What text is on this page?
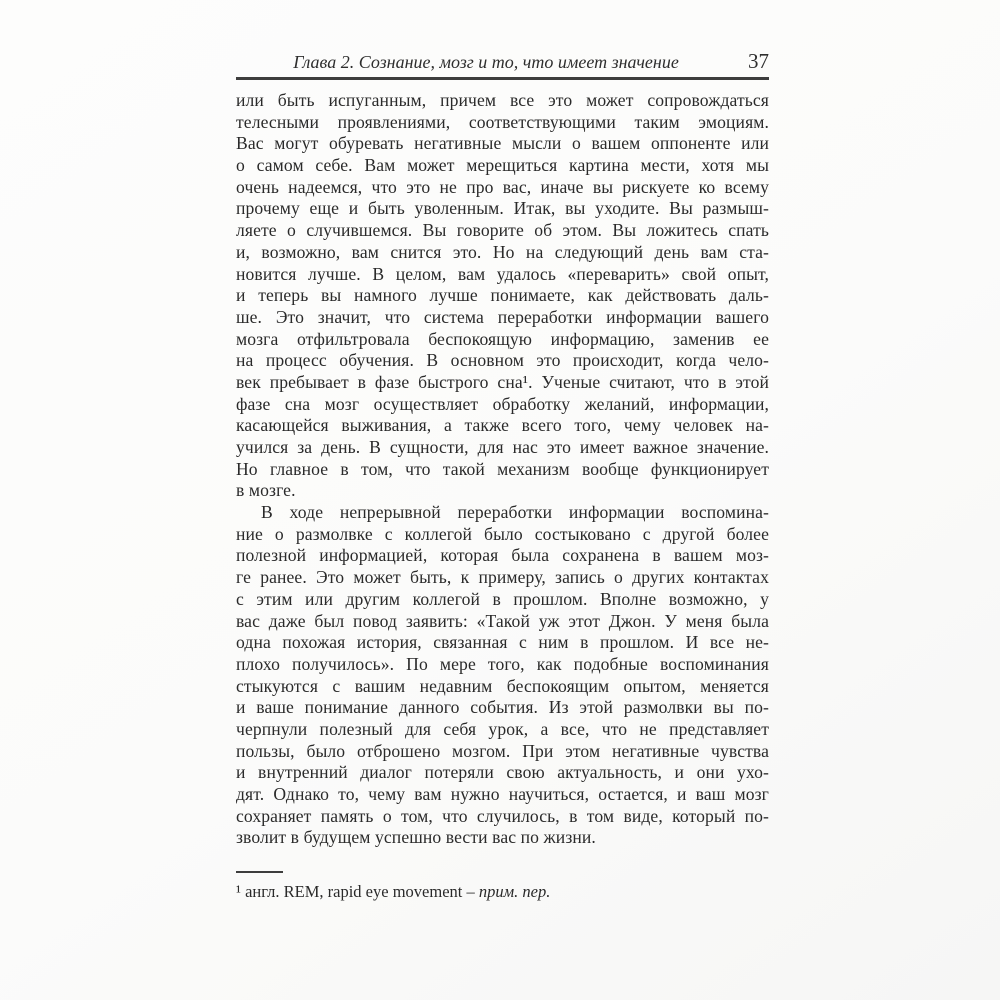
Глава 2. Сознание, мозг и то, что имеет значение	37
или быть испуганным, причем все это может сопровождаться
телесными проявлениями, соответствующими таким эмоциям.
Вас могут обуревать негативные мысли о вашем оппоненте или
о самом себе. Вам может мерещиться картина мести, хотя мы
очень надеемся, что это не про вас, иначе вы рискуете ко всему
прочему еще и быть уволенным. Итак, вы уходите. Вы размыш-
ляете о случившемся. Вы говорите об этом. Вы ложитесь спать
и, возможно, вам снится это. Но на следующий день вам ста-
новится лучше. В целом, вам удалось «переварить» свой опыт,
и теперь вы намного лучше понимаете, как действовать даль-
ше. Это значит, что система переработки информации вашего
мозга отфильтровала беспокоящую информацию, заменив ее
на процесс обучения. В основном это происходит, когда чело-
век пребывает в фазе быстрого сна¹. Ученые считают, что в этой
фазе сна мозг осуществляет обработку желаний, информации,
касающейся выживания, а также всего того, чему человек на-
учился за день. В сущности, для нас это имеет важное значение.
Но главное в том, что такой механизм вообще функционирует
в мозге.
В ходе непрерывной переработки информации воспомина-
ние о размолвке с коллегой было состыковано с другой более
полезной информацией, которая была сохранена в вашем моз-
ге ранее. Это может быть, к примеру, запись о других контактах
с этим или другим коллегой в прошлом. Вполне возможно, у
вас даже был повод заявить: «Такой уж этот Джон. У меня была
одна похожая история, связанная с ним в прошлом. И все не-
плохо получилось». По мере того, как подобные воспоминания
стыкуются с вашим недавним беспокоящим опытом, меняется
и ваше понимание данного события. Из этой размолвки вы по-
черпнули полезный для себя урок, а все, что не представляет
пользы, было отброшено мозгом. При этом негативные чувства
и внутренний диалог потеряли свою актуальность, и они ухо-
дят. Однако то, чему вам нужно научиться, остается, и ваш мозг
сохраняет память о том, что случилось, в том виде, который по-
зволит в будущем успешно вести вас по жизни.
¹ англ. REM, rapid eye movement – прим. пер.
